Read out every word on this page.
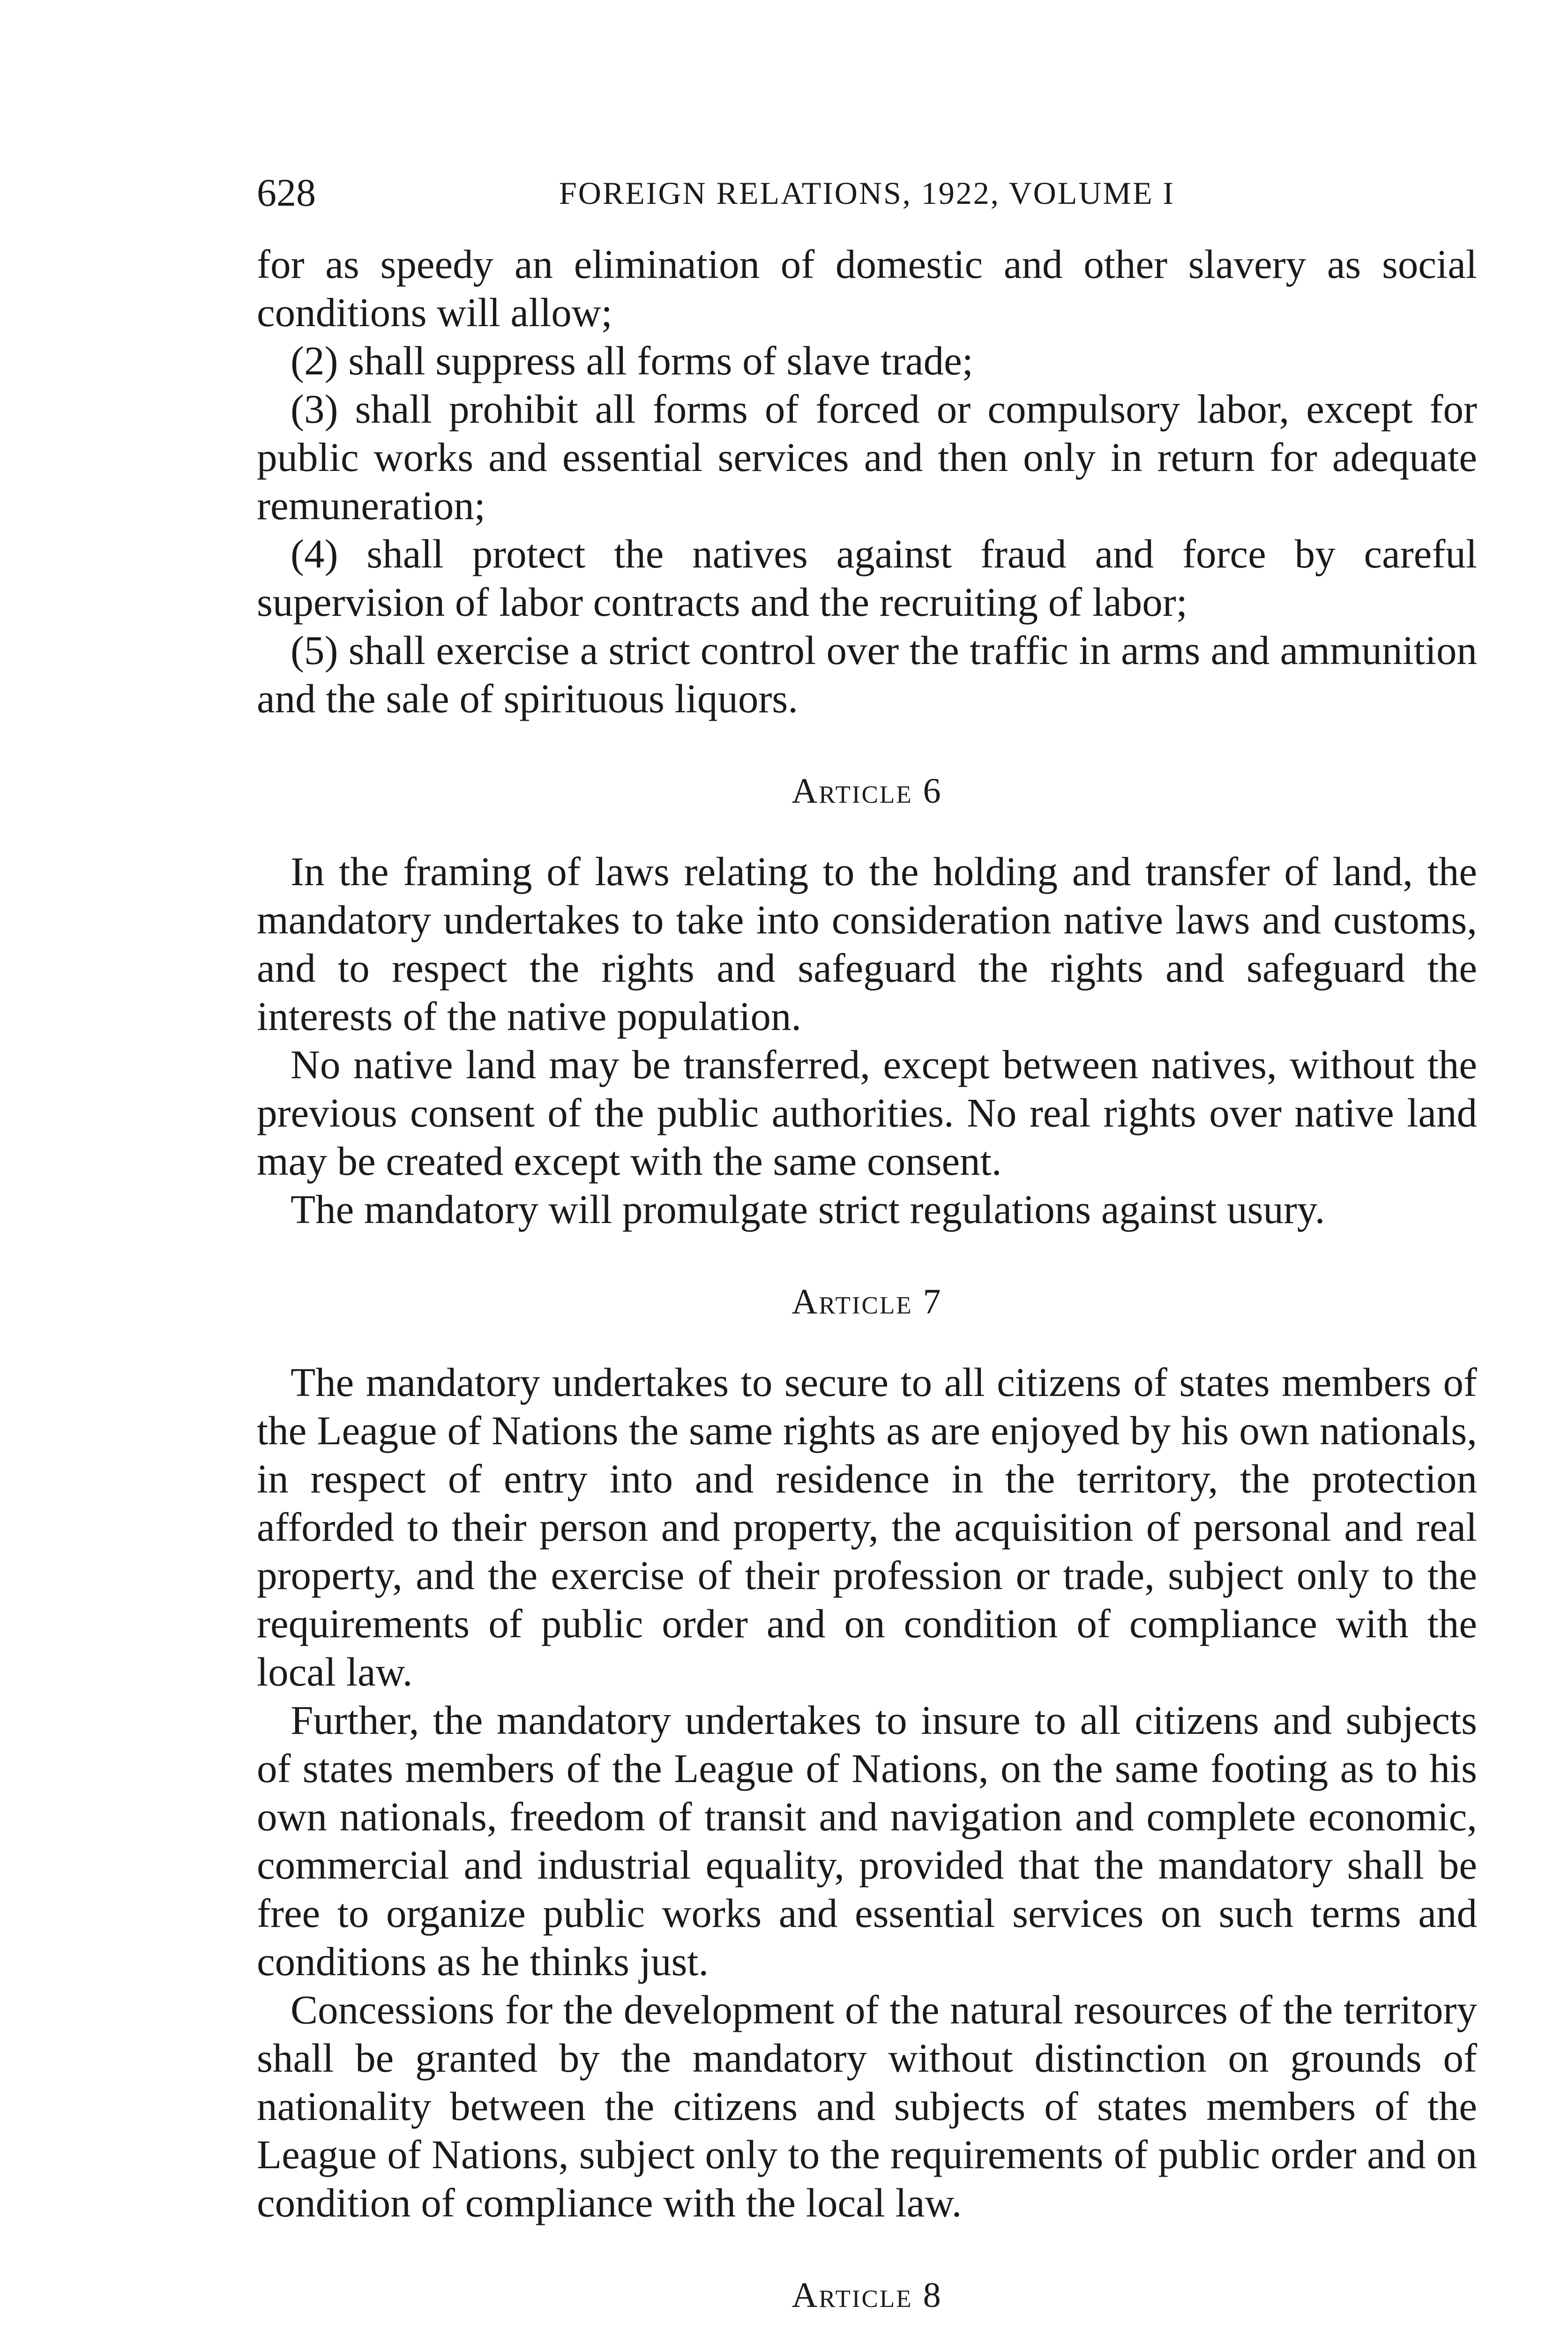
628	FOREIGN RELATIONS, 1922, VOLUME I

for as speedy an elimination of domestic and other slavery as social conditions will allow;

(2) shall suppress all forms of slave trade;

(3) shall prohibit all forms of forced or compulsory labor, except for public works and essential services and then only in return for adequate remuneration;

(4) shall protect the natives against fraud and force by careful supervision of labor contracts and the recruiting of labor;

(5) shall exercise a strict control over the traffic in arms and ammunition and the sale of spirituous liquors.

Article 6

In the framing of laws relating to the holding and transfer of land, the mandatory undertakes to take into consideration native laws and customs, and to respect the rights and safeguard the rights and safeguard the interests of the native population.

No native land may be transferred, except between natives, without the previous consent of the public authorities. No real rights over native land may be created except with the same consent.

The mandatory will promulgate strict regulations against usury.

Article 7

The mandatory undertakes to secure to all citizens of states members of the League of Nations the same rights as are enjoyed by his own nationals, in respect of entry into and residence in the territory, the protection afforded to their person and property, the acquisition of personal and real property, and the exercise of their profession or trade, subject only to the requirements of public order and on condition of compliance with the local law.

Further, the mandatory undertakes to insure to all citizens and subjects of states members of the League of Nations, on the same footing as to his own nationals, freedom of transit and navigation and complete economic, commercial and industrial equality, provided that the mandatory shall be free to organize public works and essential services on such terms and conditions as he thinks just.

Concessions for the development of the natural resources of the territory shall be granted by the mandatory without distinction on grounds of nationality between the citizens and subjects of states members of the League of Nations, subject only to the requirements of public order and on condition of compliance with the local law.

Article 8
